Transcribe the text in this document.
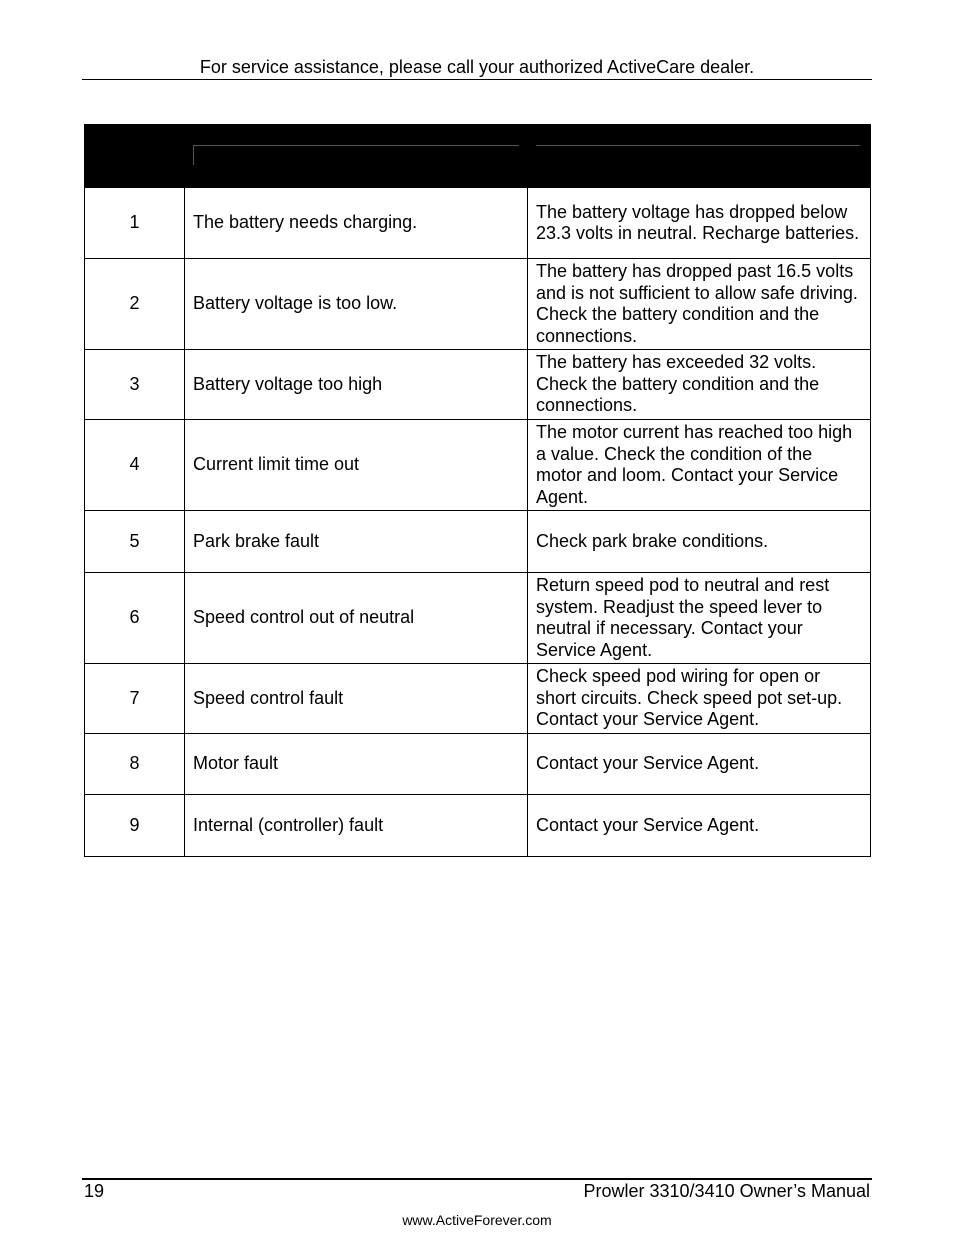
For service assistance, please call your authorized ActiveCare dealer.

1	The battery needs charging.	The battery voltage has dropped below 23.3 volts in neutral. Recharge batteries.
2	Battery voltage is too low.	The battery has dropped past 16.5 volts and is not sufficient to allow safe driving. Check the battery condition and the connections.
3	Battery voltage too high	The battery has exceeded 32 volts. Check the battery condition and the connections.
4	Current limit time out	The motor current has reached too high a value. Check the condition of the motor and loom. Contact your Service Agent.
5	Park brake fault	Check park brake conditions.
6	Speed control out of neutral	Return speed pod to neutral and rest system. Readjust the speed lever to neutral if necessary. Contact your Service Agent.
7	Speed control fault	Check speed pod wiring for open or short circuits. Check speed pot set-up. Contact your Service Agent.
8	Motor fault	Contact your Service Agent.
9	Internal (controller) fault	Contact your Service Agent.
19	Prowler 3310/3410 Owner’s Manual
www.ActiveForever.com
